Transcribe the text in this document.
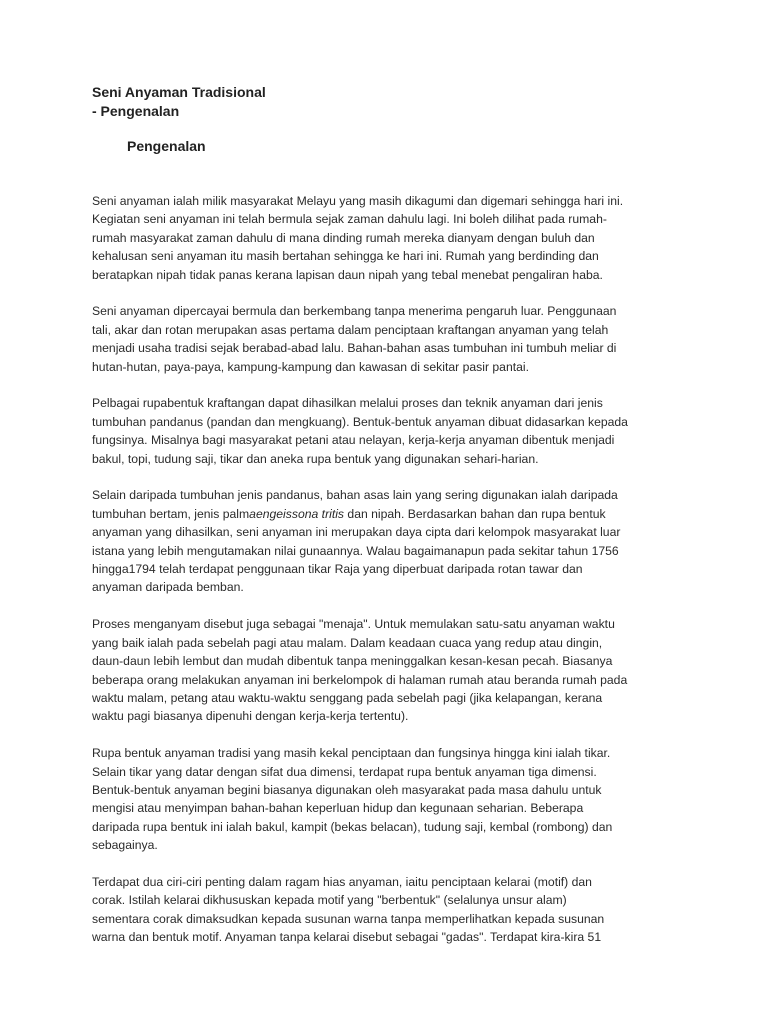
Seni Anyaman Tradisional
- Pengenalan
Pengenalan

Seni anyaman ialah milik masyarakat Melayu yang masih dikagumi dan digemari sehingga hari ini.
Kegiatan seni anyaman ini telah bermula sejak zaman dahulu lagi. Ini boleh dilihat pada rumah-
rumah masyarakat zaman dahulu di mana dinding rumah mereka dianyam dengan buluh dan
kehalusan seni anyaman itu masih bertahan sehingga ke hari ini. Rumah yang berdinding dan
beratapkan nipah tidak panas kerana lapisan daun nipah yang tebal menebat pengaliran haba.

Seni anyaman dipercayai bermula dan berkembang tanpa menerima pengaruh luar. Penggunaan
tali, akar dan rotan merupakan asas pertama dalam penciptaan kraftangan anyaman yang telah
menjadi usaha tradisi sejak berabad-abad lalu. Bahan-bahan asas tumbuhan ini tumbuh meliar di
hutan-hutan, paya-paya, kampung-kampung dan kawasan di sekitar pasir pantai.

Pelbagai rupabentuk kraftangan dapat dihasilkan melalui proses dan teknik anyaman dari jenis
tumbuhan pandanus (pandan dan mengkuang). Bentuk-bentuk anyaman dibuat didasarkan kepada
fungsinya. Misalnya bagi masyarakat petani atau nelayan, kerja-kerja anyaman dibentuk menjadi
bakul, topi, tudung saji, tikar dan aneka rupa bentuk yang digunakan sehari-harian.

Selain daripada tumbuhan jenis pandanus, bahan asas lain yang sering digunakan ialah daripada
tumbuhan bertam, jenis palmaengeissona tritis dan nipah. Berdasarkan bahan dan rupa bentuk
anyaman yang dihasilkan, seni anyaman ini merupakan daya cipta dari kelompok masyarakat luar
istana yang lebih mengutamakan nilai gunaannya. Walau bagaimanapun pada sekitar tahun 1756
hingga1794 telah terdapat penggunaan tikar Raja yang diperbuat daripada rotan tawar dan
anyaman daripada bemban.

Proses menganyam disebut juga sebagai "menaja". Untuk memulakan satu-satu anyaman waktu
yang baik ialah pada sebelah pagi atau malam. Dalam keadaan cuaca yang redup atau dingin,
daun-daun lebih lembut dan mudah dibentuk tanpa meninggalkan kesan-kesan pecah. Biasanya
beberapa orang melakukan anyaman ini berkelompok di halaman rumah atau beranda rumah pada
waktu malam, petang atau waktu-waktu senggang pada sebelah pagi (jika kelapangan, kerana
waktu pagi biasanya dipenuhi dengan kerja-kerja tertentu).

Rupa bentuk anyaman tradisi yang masih kekal penciptaan dan fungsinya hingga kini ialah tikar.
Selain tikar yang datar dengan sifat dua dimensi, terdapat rupa bentuk anyaman tiga dimensi.
Bentuk-bentuk anyaman begini biasanya digunakan oleh masyarakat pada masa dahulu untuk
mengisi atau menyimpan bahan-bahan keperluan hidup dan kegunaan seharian. Beberapa
daripada rupa bentuk ini ialah bakul, kampit (bekas belacan), tudung saji, kembal (rombong) dan
sebagainya.

Terdapat dua ciri-ciri penting dalam ragam hias anyaman, iaitu penciptaan kelarai (motif) dan
corak. Istilah kelarai dikhususkan kepada motif yang "berbentuk" (selalunya unsur alam)
sementara corak dimaksudkan kepada susunan warna tanpa memperlihatkan kepada susunan
warna dan bentuk motif. Anyaman tanpa kelarai disebut sebagai "gadas". Terdapat kira-kira 51
